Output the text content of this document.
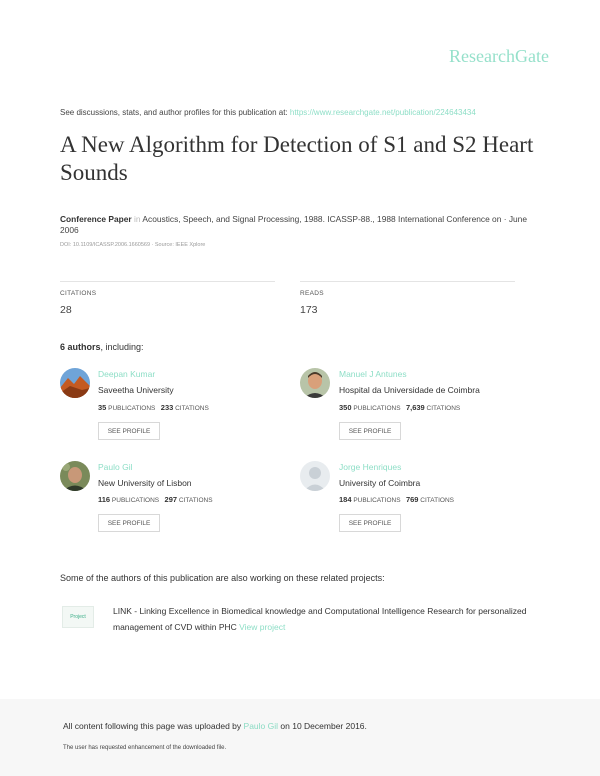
ResearchGate
See discussions, stats, and author profiles for this publication at: https://www.researchgate.net/publication/224643434
A New Algorithm for Detection of S1 and S2 Heart Sounds
Conference Paper in Acoustics, Speech, and Signal Processing, 1988. ICASSP-88., 1988 International Conference on · June 2006
DOI: 10.1109/ICASSP.2006.1660569 · Source: IEEE Xplore
CITATIONS
28
READS
173
6 authors, including:
Deepan Kumar
Saveetha University
35 PUBLICATIONS 233 CITATIONS
SEE PROFILE
Manuel J Antunes
Hospital da Universidade de Coimbra
350 PUBLICATIONS 7,639 CITATIONS
SEE PROFILE
Paulo Gil
New University of Lisbon
116 PUBLICATIONS 297 CITATIONS
SEE PROFILE
Jorge Henriques
University of Coimbra
184 PUBLICATIONS 769 CITATIONS
SEE PROFILE
Some of the authors of this publication are also working on these related projects:
Project
LINK - Linking Excellence in Biomedical knowledge and Computational Intelligence Research for personalized management of CVD within PHC View project
All content following this page was uploaded by Paulo Gil on 10 December 2016.
The user has requested enhancement of the downloaded file.
